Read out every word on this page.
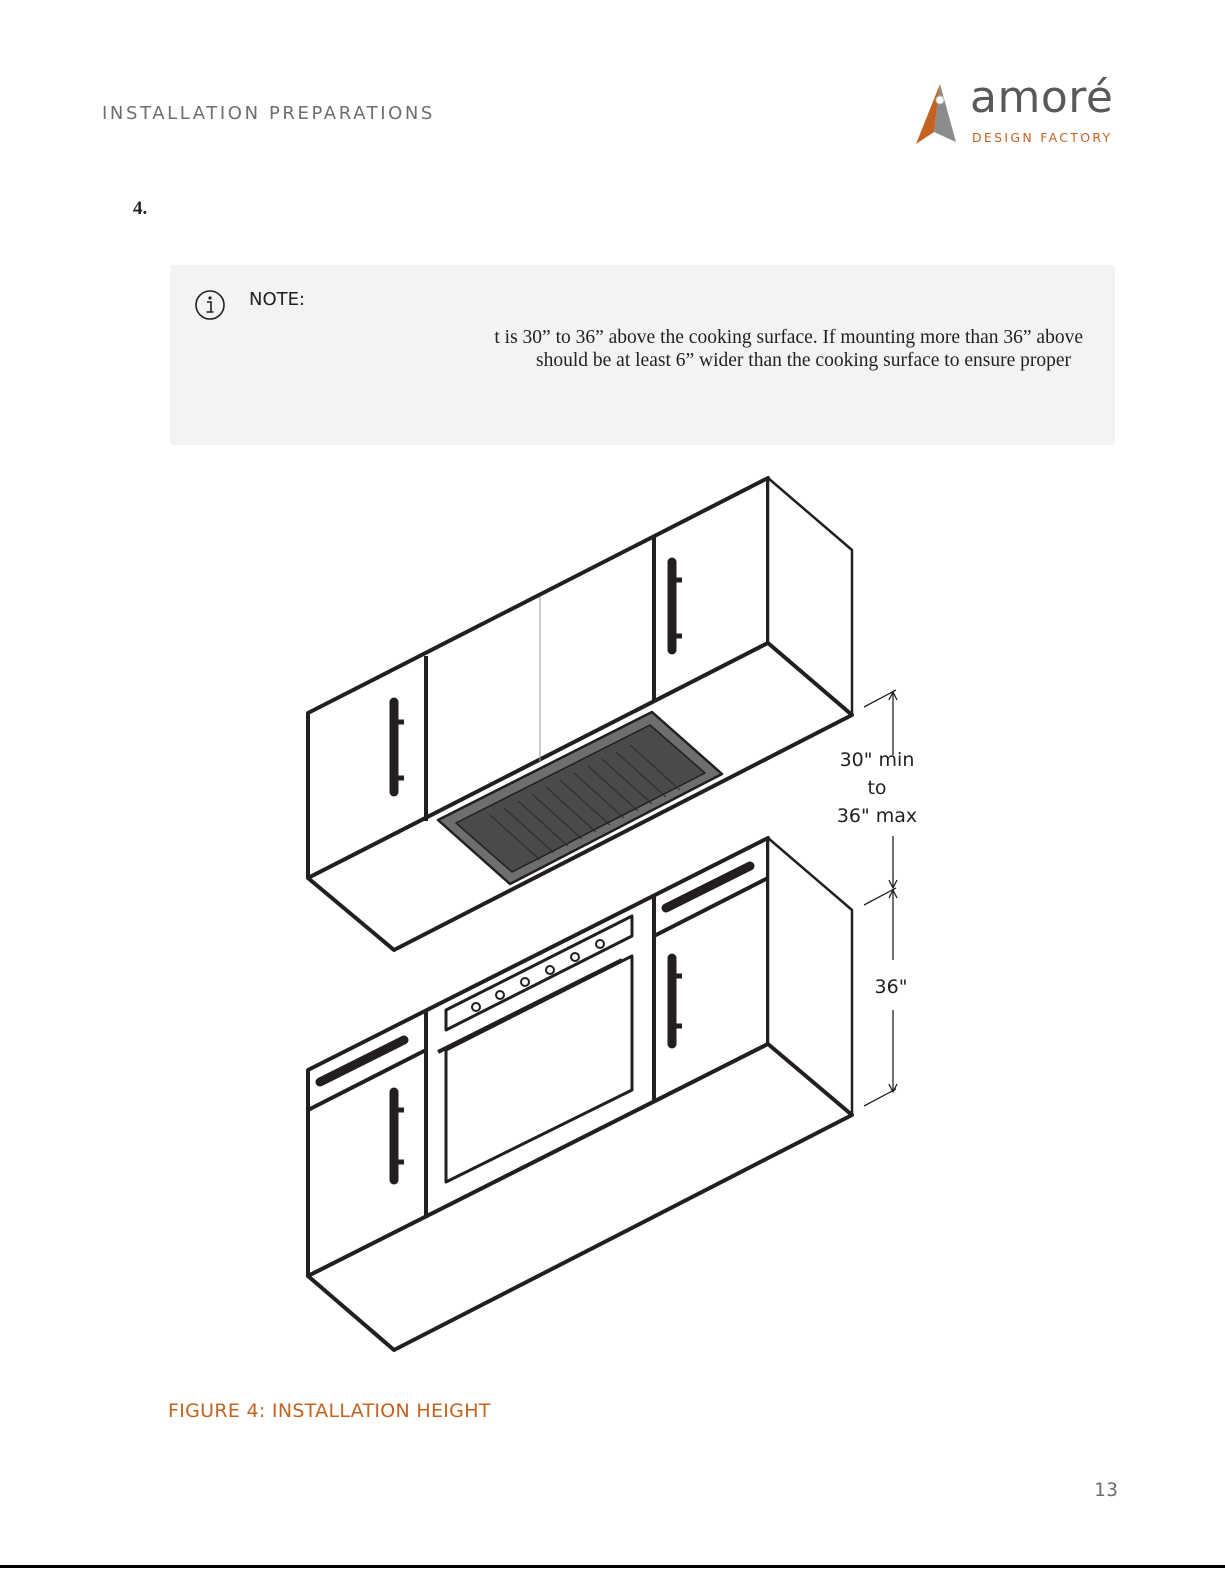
INSTALLATION PREPARATIONS	amoré
DESIGN FACTORY
4.
NOTE:
t is 30” to 36” above the cooking surface. If mounting more than 36” above
should be at least 6” wider than the cooking surface to ensure proper
30" min
to
36" max
36"
FIGURE 4: INSTALLATION HEIGHT
13
